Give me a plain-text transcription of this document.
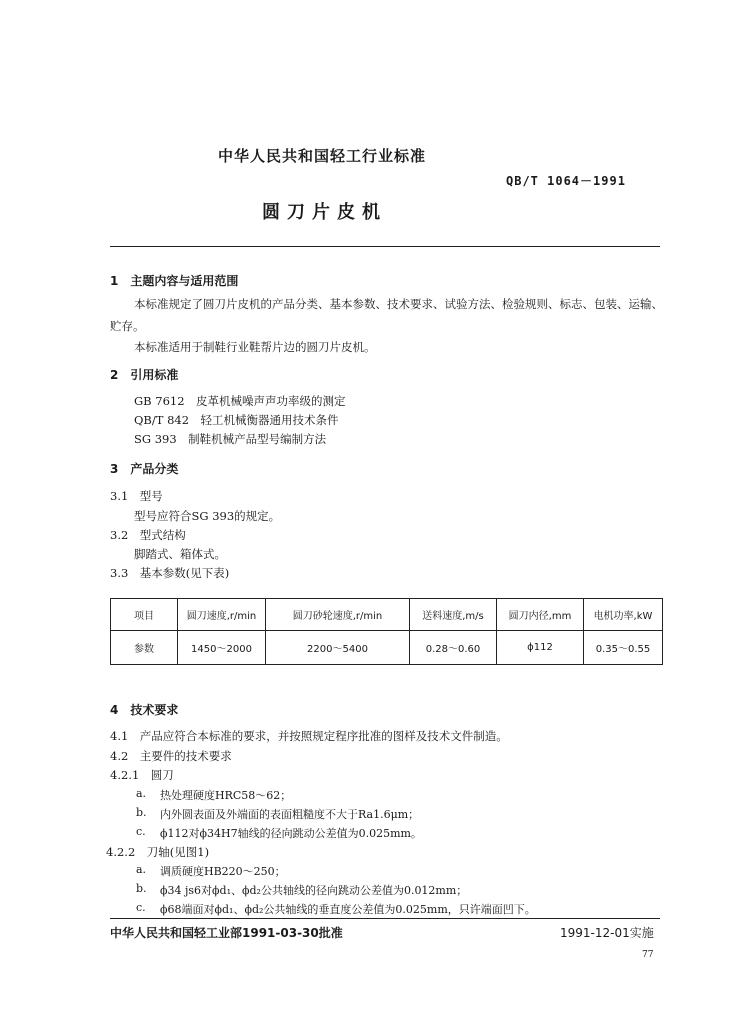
中华人民共和国轻工行业标准
QB/T 1064－1991
圆刀片皮机
1　主题内容与适用范围
本标准规定了圆刀片皮机的产品分类、基本参数、技术要求、试验方法、检验规则、标志、包装、运输、
贮存。
本标准适用于制鞋行业鞋帮片边的圆刀片皮机。
2　引用标准
GB 7612　皮革机械噪声声功率级的测定
QB/T 842　轻工机械衡器通用技术条件
SG 393　制鞋机械产品型号编制方法
3　产品分类
3.1　型号
型号应符合SG 393的规定。
3.2　型式结构
脚踏式、箱体式。
3.3　基本参数(见下表)
项目	圆刀速度,r/min	圆刀砂轮速度,r/min	送料速度,m/s	圆刀内径,mm	电机功率,kW
参数	1450～2000	2200～5400	0.28～0.60	ϕ112	0.35～0.55
4　技术要求
4.1　产品应符合本标准的要求，并按照规定程序批准的图样及技术文件制造。
4.2　主要件的技术要求
4.2.1　圆刀
a. 热处理硬度HRC58～62；
b. 内外圆表面及外端面的表面粗糙度不大于Ra1.6μm；
c. ϕ112对ϕ34H7轴线的径向跳动公差值为0.025mm。
4.2.2　刀轴(见图1)
a. 调质硬度HB220～250；
b. ϕ34 js6对ϕd₁、ϕd₂公共轴线的径向跳动公差值为0.012mm；
c. ϕ68端面对ϕd₁、ϕd₂公共轴线的垂直度公差值为0.025mm，只许端面凹下。
中华人民共和国轻工业部1991-03-30批准	1991-12-01实施
77
